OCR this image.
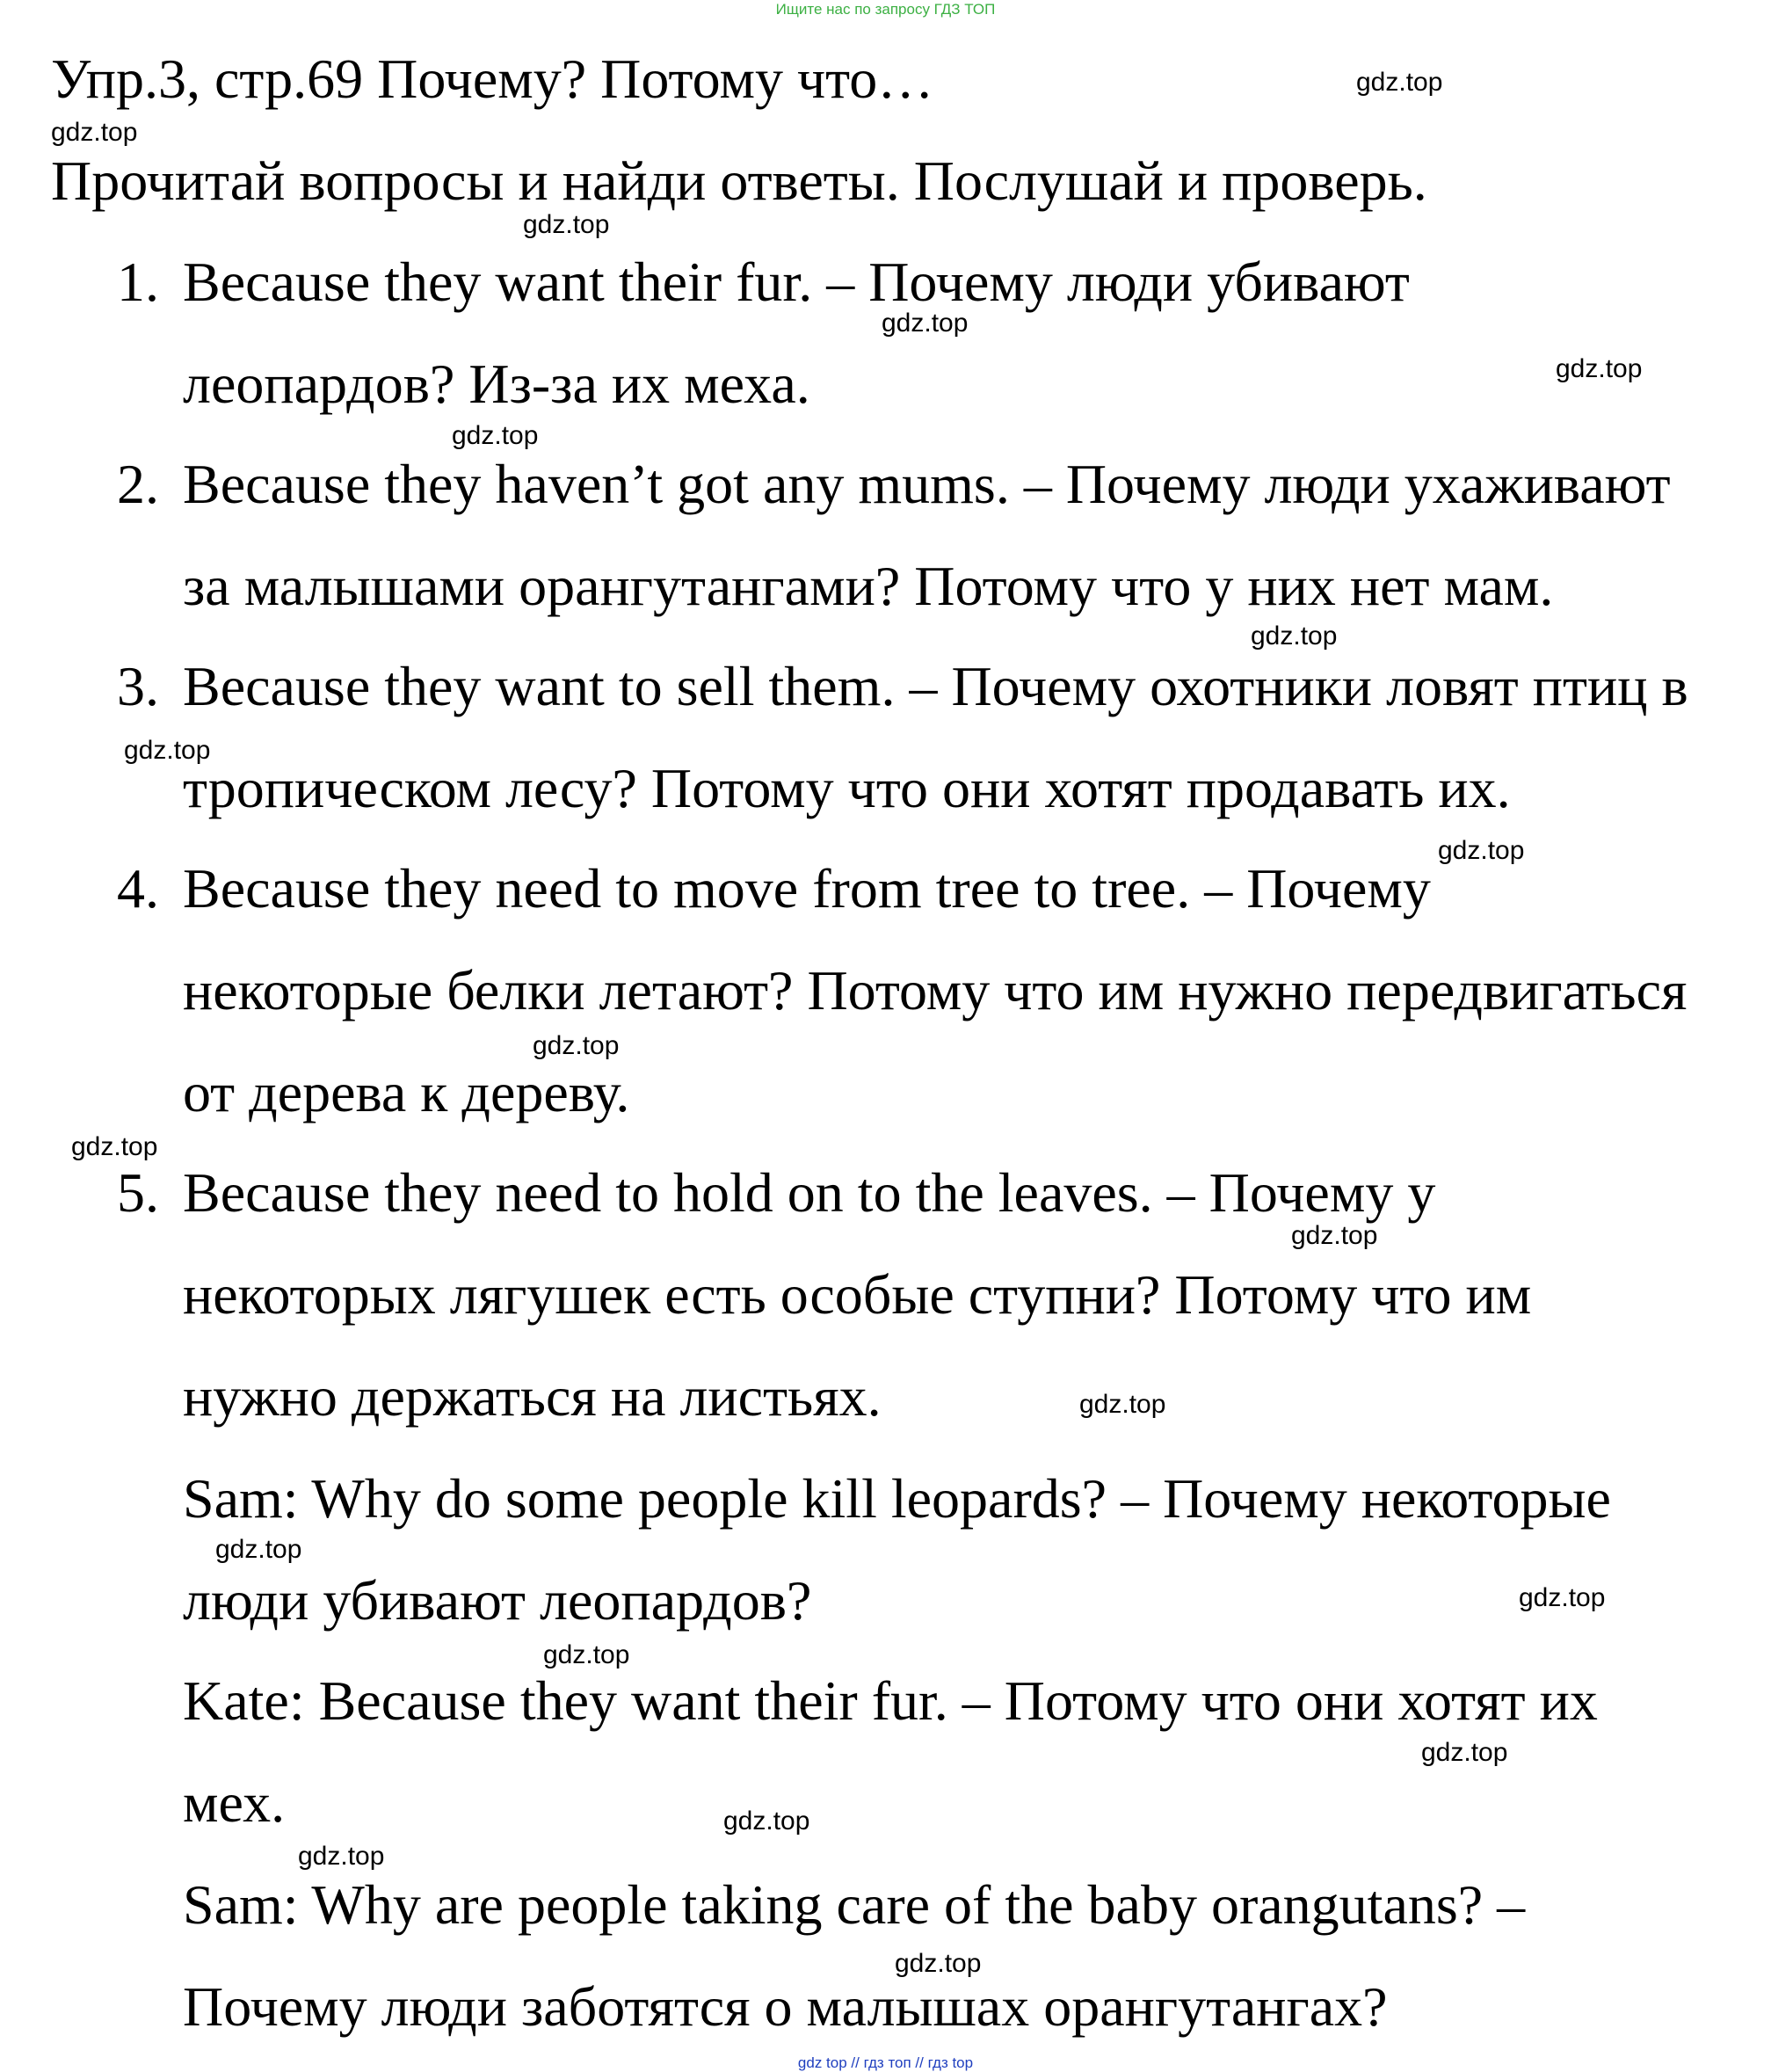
Ищите нас по запросу ГДЗ ТОП
Упр.3, стр.69 Почему? Потому что…
Прочитай вопросы и найди ответы. Послушай и проверь.
1. Because they want their fur. – Почему люди убивают
леопардов? Из-за их меха.
2. Because they haven’t got any mums. – Почему люди ухаживают
за малышами орангутангами? Потому что у них нет мам.
3. Because they want to sell them. – Почему охотники ловят птиц в
тропическом лесу? Потому что они хотят продавать их.
4. Because they need to move from tree to tree. – Почему
некоторые белки летают? Потому что им нужно передвигаться
от дерева к дереву.
5. Because they need to hold on to the leaves. – Почему у
некоторых лягушек есть особые ступни? Потому что им
нужно держаться на листьях.
Sam: Why do some people kill leopards? – Почему некоторые
люди убивают леопардов?
Kate: Because they want their fur. – Потому что они хотят их
мех.
Sam: Why are people taking care of the baby orangutans? –
Почему люди заботятся о малышах орангутангах?
gdz.top
gdz.top
gdz.top
gdz.top
gdz.top
gdz.top
gdz.top
gdz.top
gdz.top
gdz.top
gdz.top
gdz.top
gdz.top
gdz.top
gdz.top
gdz.top
gdz.top
gdz.top
gdz.top
gdz.top
gdz top // гдз топ // гдз top
